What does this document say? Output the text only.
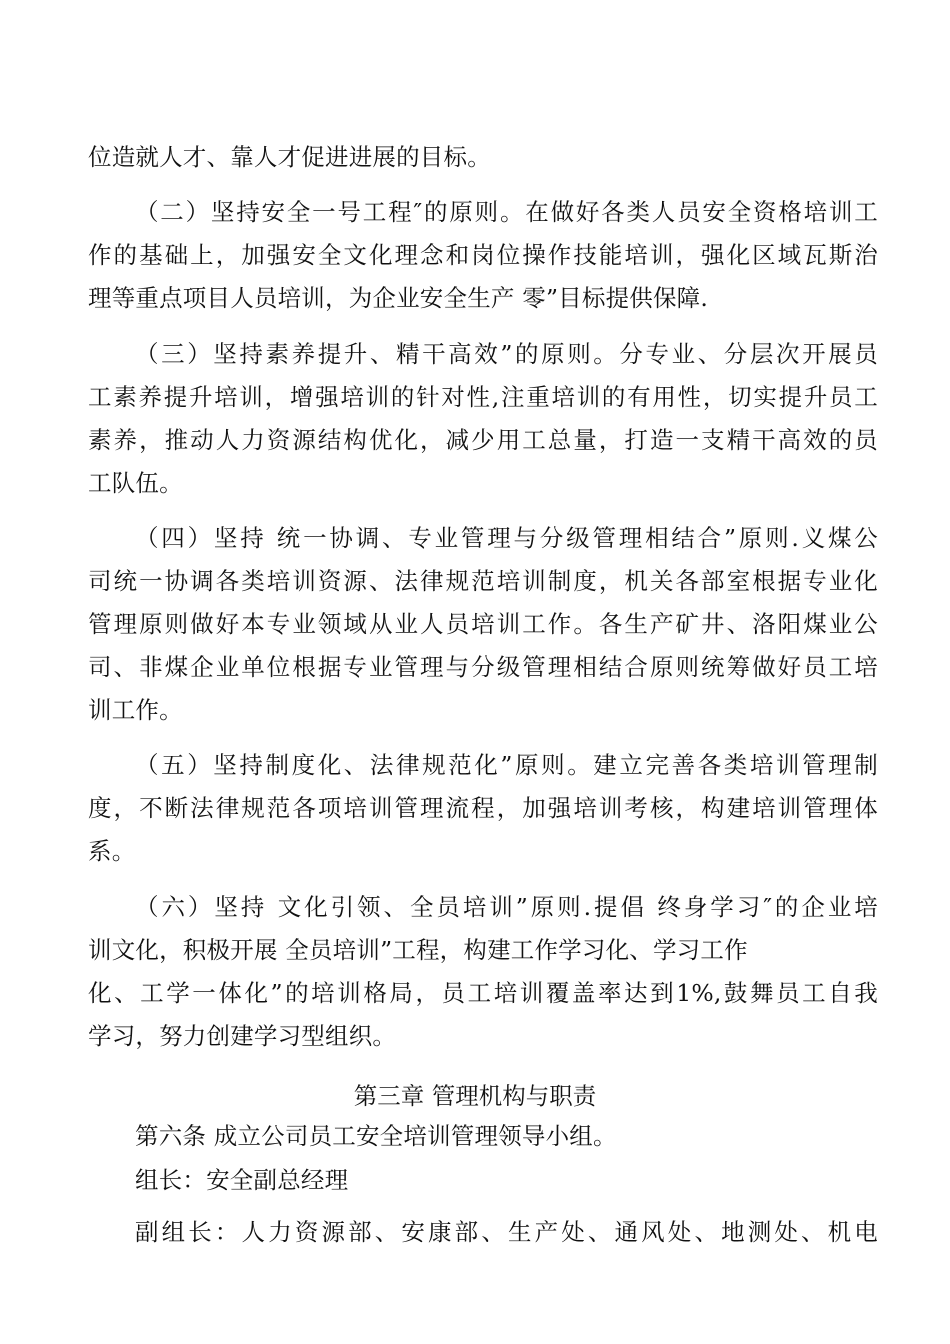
位造就人才、靠人才促进进展的目标。
（二）坚持安全一号工程″的原则。在做好各类人员安全资格培训工
作的基础上，加强安全文化理念和岗位操作技能培训，强化区域瓦斯治
理等重点项目人员培训，为企业安全生产 零”目标提供保障.
（三）坚持素养提升、精干高效”的原则。分专业、分层次开展员
工素养提升培训，增强培训的针对性,注重培训的有用性，切实提升员工
素养，推动人力资源结构优化，减少用工总量，打造一支精干高效的员
工队伍。
（四）坚持 统一协调、专业管理与分级管理相结合”原则.义煤公
司统一协调各类培训资源、法律规范培训制度，机关各部室根据专业化
管理原则做好本专业领域从业人员培训工作。各生产矿井、洛阳煤业公
司、非煤企业单位根据专业管理与分级管理相结合原则统筹做好员工培
训工作。
（五）坚持制度化、法律规范化”原则。建立完善各类培训管理制
度，不断法律规范各项培训管理流程，加强培训考核，构建培训管理体
系。
（六）坚持 文化引领、全员培训”原则.提倡 终身学习″的企业培
训文化，积极开展 全员培训”工程，构建工作学习化、学习工作
化、工学一体化”的培训格局，员工培训覆盖率达到1%,鼓舞员工自我
学习，努力创建学习型组织。
第三章 管理机构与职责
第六条 成立公司员工安全培训管理领导小组。
组长：安全副总经理
副组长：人力资源部、安康部、生产处、通风处、地测处、机电
